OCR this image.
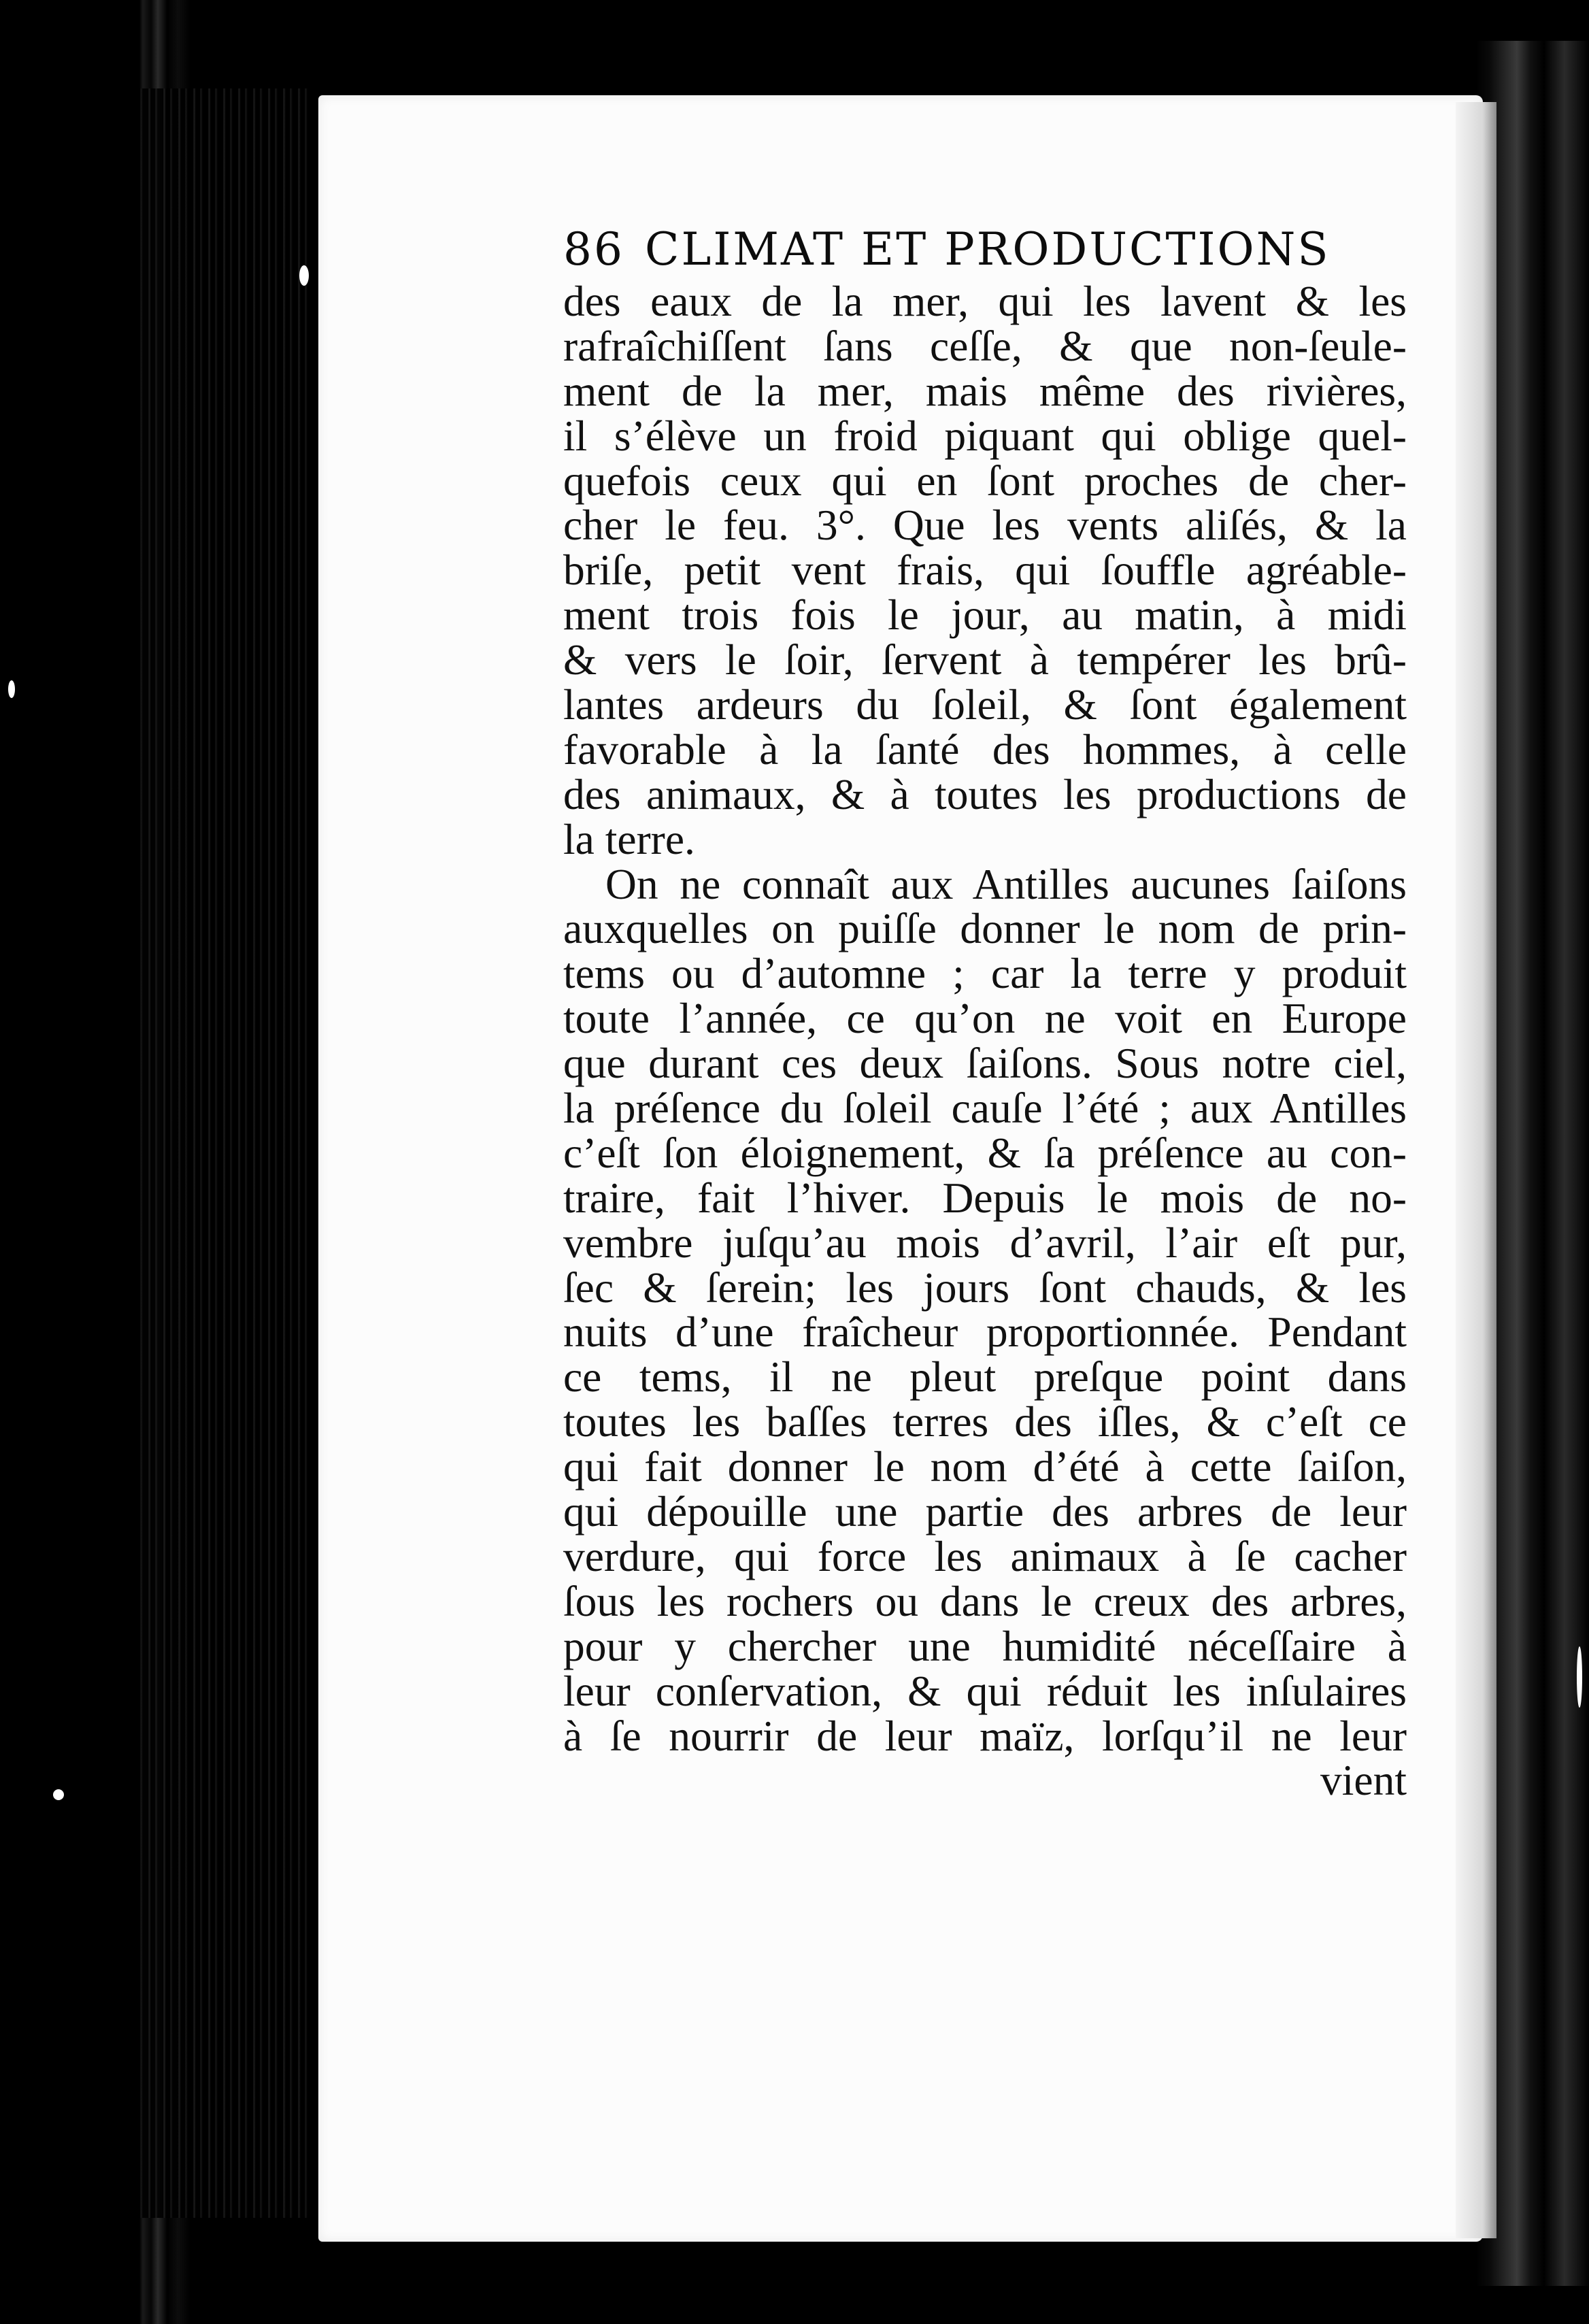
86 CLIMAT ET PRODUCTIONS
des eaux de la mer, qui les lavent & les
rafraîchiſſent ſans ceſſe, & que non-ſeule-
ment de la mer, mais même des rivières,
il s’élève un froid piquant qui oblige quel-
quefois ceux qui en ſont proches de cher-
cher le feu. 3°. Que les vents aliſés, & la
briſe, petit vent frais, qui ſouffle agréable-
ment trois fois le jour, au matin, à midi
& vers le ſoir, ſervent à tempérer les brû-
lantes ardeurs du ſoleil, & ſont également
favorable à la ſanté des hommes, à celle
des animaux, & à toutes les productions de
la terre.
On ne connaît aux Antilles aucunes ſaiſons
auxquelles on puiſſe donner le nom de prin-
tems ou d’automne ; car la terre y produit
toute l’année, ce qu’on ne voit en Europe
que durant ces deux ſaiſons. Sous notre ciel,
la préſence du ſoleil cauſe l’été ; aux Antilles
c’eſt ſon éloignement, & ſa préſence au con-
traire, fait l’hiver. Depuis le mois de no-
vembre juſqu’au mois d’avril, l’air eſt pur,
ſec & ſerein; les jours ſont chauds, & les
nuits d’une fraîcheur proportionnée. Pendant
ce tems, il ne pleut preſque point dans
toutes les baſſes terres des iſles, & c’eſt ce
qui fait donner le nom d’été à cette ſaiſon,
qui dépouille une partie des arbres de leur
verdure, qui force les animaux à ſe cacher
ſous les rochers ou dans le creux des arbres,
pour y chercher une humidité néceſſaire à
leur conſervation, & qui réduit les inſulaires
à ſe nourrir de leur maïz, lorſqu’il ne leur
vient
